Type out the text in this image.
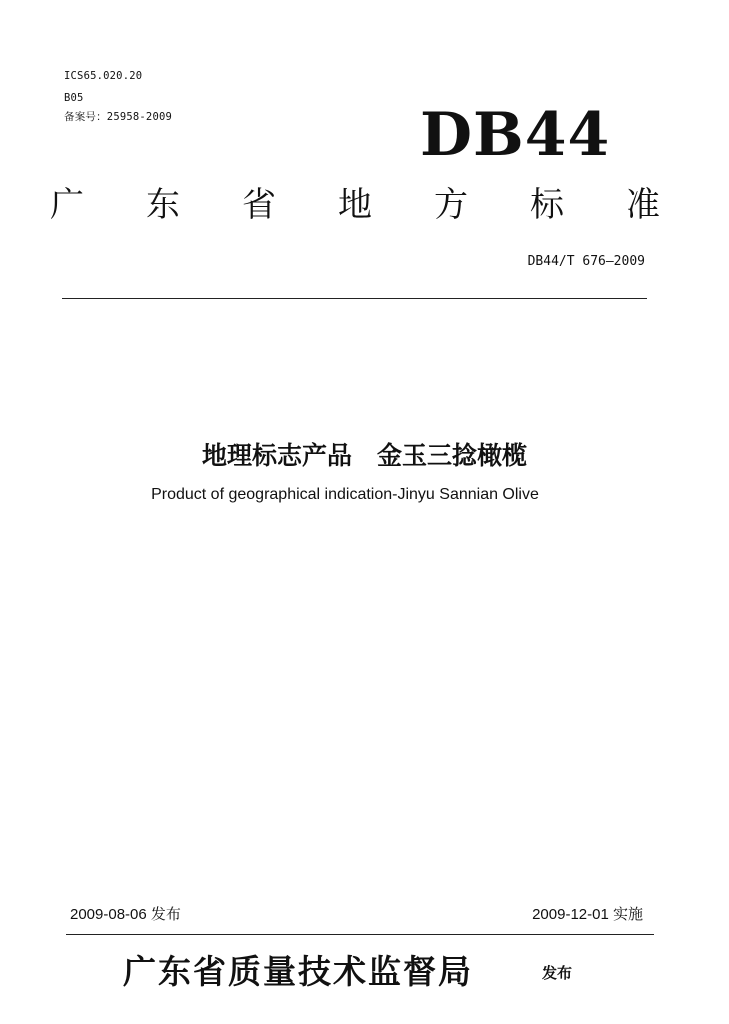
ICS65.020.20
B05
备案号：25958-2009	DB44
广 东 省 地 方 标 准
DB44/T 676—2009
地理标志产品　金玉三捻橄榄
Product of geographical indication-Jinyu Sannian Olive
2009-08-06 发布	2009-12-01 实施
广东省质量技术监督局	发布
